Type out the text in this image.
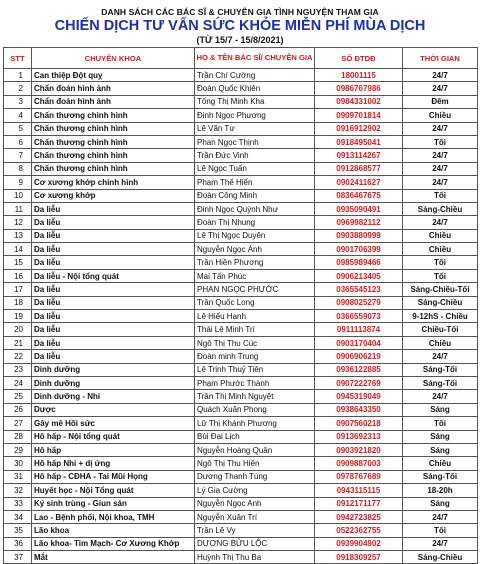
DANH SÁCH CÁC BÁC SĨ & CHUYÊN GIA TÌNH NGUYỆN THAM GIA
CHIẾN DỊCH TƯ VẤN SỨC KHỎE MIỄN PHÍ MÙA DỊCH
(TỪ 15/7 - 15/8/2021)
STT	CHUYÊN KHOA	HỌ & TÊN BÁC SĨ/ CHUYÊN GIA	SỐ ĐTDĐ	THỜI GIAN
1	Can thiệp Đột quỵ	Trần Chí Cường	18001115	24/7
2	Chẩn đoán hình ảnh	Đoàn Quốc Khiên	0986767986	24/7
3	Chẩn đoán hình ảnh	Tống Thị Minh Kha	0984331002	Đêm
4	Chấn thương chỉnh hình	Đinh Ngọc Phương	0909701814	Chiều
5	Chấn thương chỉnh hình	Lê Văn Tư	0916912902	24/7
6	Chấn thương chỉnh hình	Phan Ngọc Thịnh	0918495041	Tối
7	Chấn thương chỉnh hình	Trần Đức Vinh	0913114267	24/7
8	Chấn thương chỉnh hình	Lê Ngọc Tuấn	0912868577	24/7
9	Cơ xương khớp chỉnh hình	Phạm Thế Hiển	0902411627	24/7
10	Cơ xương khớp	Đoàn Công Minh	0836467675	Tối
11	Da liễu	Đinh Ngọc Quỳnh Như	0935090491	Sáng-Chiều
12	Da liễu	Đoàn Thị Nhung	0969982112	24/7
13	Da liễu	Lê Thị Ngọc Duyên	0903880999	Chiều
14	Da liễu	Nguyễn Ngọc Ánh	0901706399	Chiều
15	Da liễu	Trần Hiền Phương	0985989466	Tối
16	Da liễu - Nội tổng quát	Mai Tấn Phúc	0906213405	Tối
17	Da liễu	PHAN NGỌC PHƯỚC	0365545123	Sáng-Chiều-Tối
18	Da liễu	Trần Quốc Long	0908025279	Sáng-Chiều
19	Da liễu	Lê Hiếu Hạnh	0366559073	9-12hS - Chiều
20	Da liễu	Thái Lê Minh Trí	0911113874	Chiều-Tối
21	Da liễu	Ngô Thị Thu Cúc	0903170404	Chiều
22	Da liễu	Đoàn minh Trung	0906906219	24/7
23	Dinh dưỡng	Lê Trịnh Thuỷ Tiên	0936122885	Sáng-Tối
24	Dinh dưỡng	Phạm Phước Thành	0907222769	Sáng-Tối
25	Dinh dưỡng - Nhi	Trần Thị Minh Nguyệt	0945319049	24/7
26	Dược	Quách Xuân Phong	0938643350	Sáng
27	Gây mê Hồi sức	Lữ Thị Khánh Phương	0907560218	Tối
28	Hô hấp - Nội tổng quát	Bùi Đại Lịch	0913692313	Sáng
29	Hô hấp	Nguyễn Hoàng Quân	0903921820	Sáng
30	Hô hấp Nhi + dị ứng	Ngô Thị Thu Hiền	0909887003	Chiều
31	Hô hấp - CĐHA - Tai Mũi Họng	Dương Thanh Tùng	0978767689	Sáng-Tối
32	Huyết học - Nội Tổng quát	Lý Gia Cường	0943115115	18-20h
33	Ký sinh trùng - Giun sán	Nguyễn Ngọc Anh	0912171177	Sáng
34	Lao - Bệnh phổi, Nội khoa, TMH	Nguyễn Xuân Trí	0942723825	24/7
35	Lão khoa	Trần Lê Vy	0522362755	Tối
36	Lão khoa- Tim Mạch- Cơ Xương Khớp	DƯƠNG BỬU LỘC	0939904902	24/7
37	Mắt	Huỳnh Thị Thu Ba	0918309257	Sáng-Chiều
